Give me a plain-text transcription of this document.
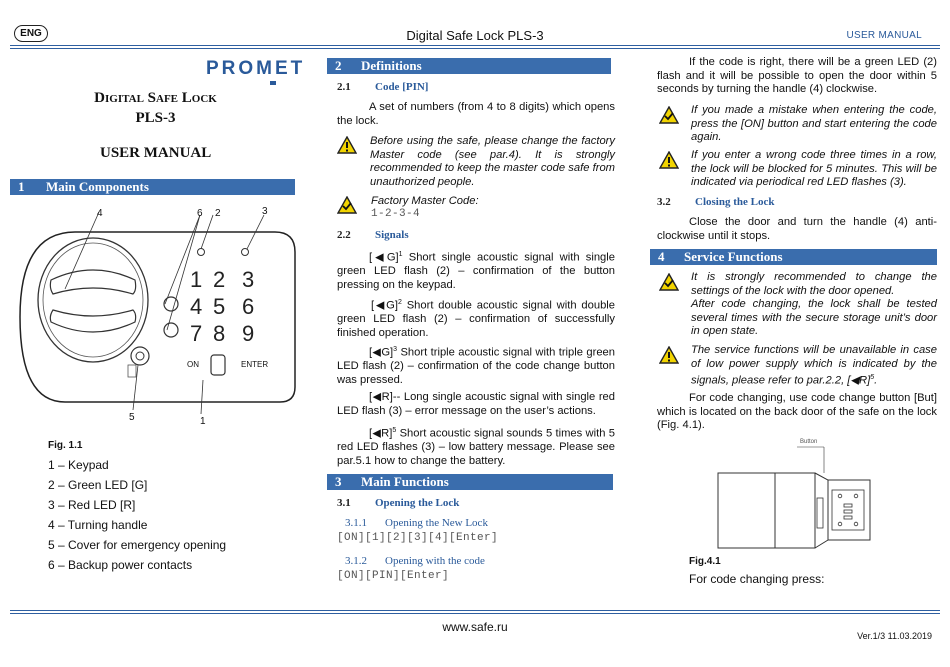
ENG	Digital Safe Lock PLS-3	USER MANUAL
PROMET
Digital Safe Lock
PLS-3
USER MANUAL
1 Main Components
4	6 2	3
5	1
1 2 3
4 5 6
7 8 9
ON	ENTER
Fig. 1.1
1 – Keypad
2 – Green LED [G]
3 – Red LED [R]
4 – Turning handle
5 – Cover for emergency opening
6 – Backup power contacts
2 Definitions
2.1 Code [PIN]
A set of numbers (from 4 to 8 digits) which opens the lock.
Before using the safe, please change the factory Master code (see par.4). It is strongly recommended to keep the master code safe from unauthorized people.
Factory Master Code:
1-2-3-4
2.2 Signals
[◀G]$^1$ Short single acoustic signal with single green LED flash (2) – confirmation of the button pressing on the keypad.
[◀G]$^2$ Short double acoustic signal with double green LED flash (2) – confirmation of successfully finished operation.
[◀G]$^3$ Short triple acoustic signal with triple green LED flash (2) – confirmation of the code change button was pressed.
[◀R]-- Long single acoustic signal with single red LED flash (3) – error message on the user’s actions.
[◀R]$^5$ Short acoustic signal sounds 5 times with 5 red LED flashes (3) – low battery message. Please see par.5.1 how to change the battery.
3 Main Functions
3.1 Opening the Lock
3.1.1 Opening the New Lock
[ON][1][2][3][4][Enter]
3.1.2 Opening with the code
[ON][PIN][Enter]
If the code is right, there will be a green LED (2) flash and it will be possible to open the door within 5 seconds by turning the handle (4) clockwise.
If you made a mistake when entering the code, press the [ON] button and start entering the code again.
If you enter a wrong code three times in a row, the lock will be blocked for 5 minutes. This will be indicated via periodical red LED flashes (3).
3.2 Closing the Lock
Close the door and turn the handle (4) anti-clockwise until it stops.
4 Service Functions
It is strongly recommended to change the settings of the lock with the door opened.
After code changing, the lock shall be tested several times with the secure storage unit’s door in open state.
The service functions will be unavailable in case of low power supply which is indicated by the signals, please refer to par.2.2, [◀R]$^5$.
For code changing, use code change button [But] which is located on the back door of the safe on the lock (Fig. 4.1).
Button
Fig.4.1
For code changing press:
www.safe.ru
Ver.1/3 11.03.2019
